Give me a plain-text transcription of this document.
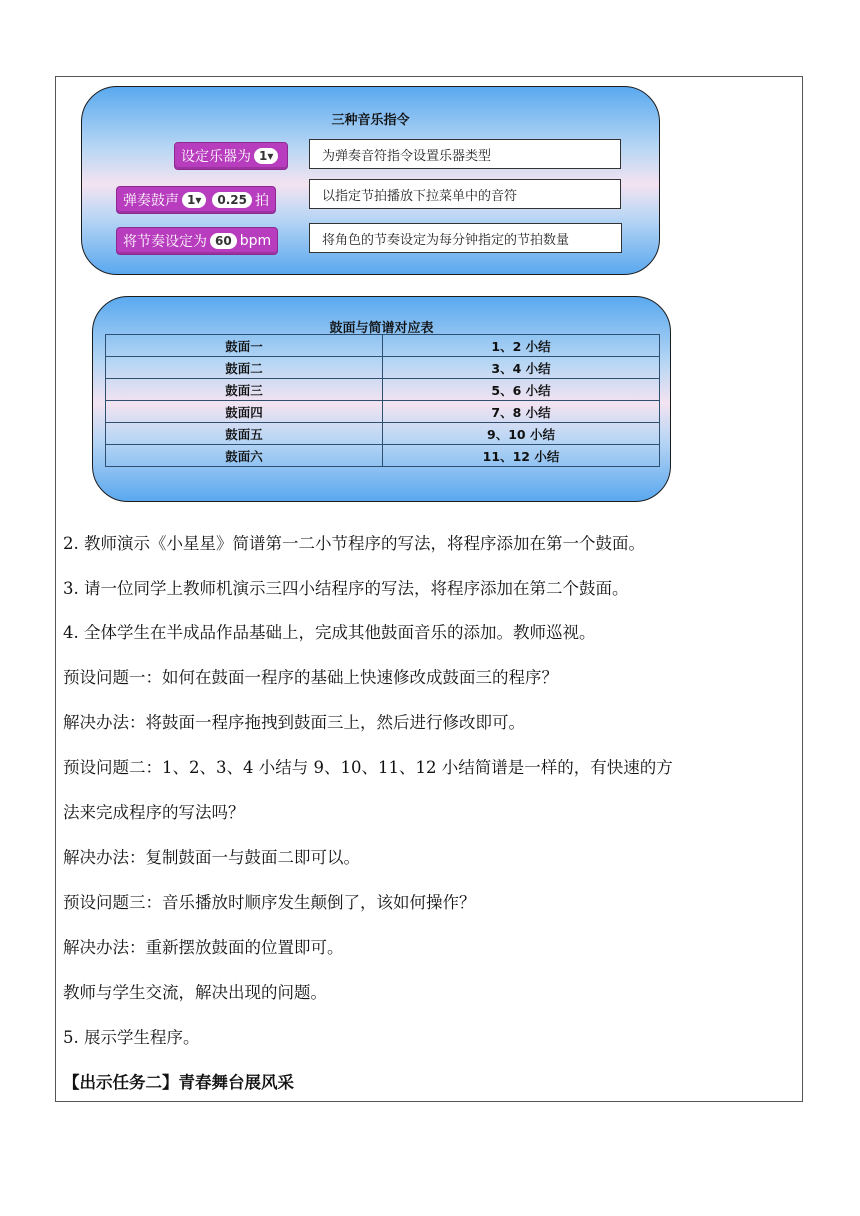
三种音乐指令
设定乐器为 1▾	为弹奏音符指令设置乐器类型
弹奏鼓声 1▾	0.25 拍	以指定节拍播放下拉菜单中的音符
将节奏设定为 60 bpm	将角色的节奏设定为每分钟指定的节拍数量
鼓面与简谱对应表
鼓面一	1、2 小结
鼓面二	3、4 小结
鼓面三	5、6 小结
鼓面四	7、8 小结
鼓面五	9、10 小结
鼓面六	11、12 小结
2. 教师演示《小星星》简谱第一二小节程序的写法，将程序添加在第一个鼓面。
3. 请一位同学上教师机演示三四小结程序的写法，将程序添加在第二个鼓面。
4. 全体学生在半成品作品基础上，完成其他鼓面音乐的添加。教师巡视。
预设问题一：如何在鼓面一程序的基础上快速修改成鼓面三的程序？
解决办法：将鼓面一程序拖拽到鼓面三上，然后进行修改即可。
预设问题二：1、2、3、4 小结与 9、10、11、12 小结简谱是一样的，有快速的方
法来完成程序的写法吗？
解决办法：复制鼓面一与鼓面二即可以。
预设问题三：音乐播放时顺序发生颠倒了，该如何操作？
解决办法：重新摆放鼓面的位置即可。
教师与学生交流，解决出现的问题。
5. 展示学生程序。
【出示任务二】青春舞台展风采
